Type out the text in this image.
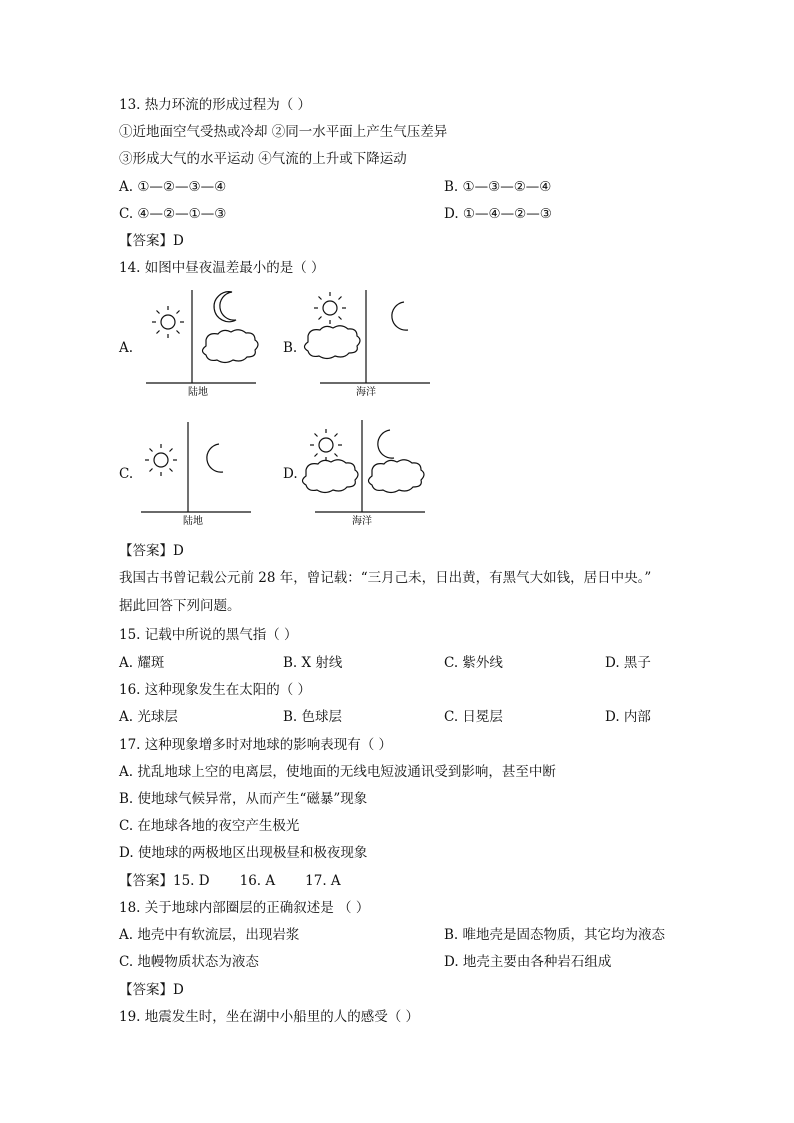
13. 热力环流的形成过程为（ ）
①近地面空气受热或冷却 ②同一水平面上产生气压差异
③形成大气的水平运动 ④气流的上升或下降运动
A. ①—②—③—④	B. ①—③—②—④
C. ④—②—①—③	D. ①—④—②—③
【答案】D
14. 如图中昼夜温差最小的是（ ）
A.	B.
C.	D.
陆地	海洋
陆地	海洋
【答案】D
我国古书曾记载公元前 28 年，曾记载：“三月己未，日出黄，有黑气大如钱，居日中央。”
据此回答下列问题。
15. 记载中所说的黑气指（ ）
A. 耀斑	B. X 射线	C. 紫外线	D. 黑子
16. 这种现象发生在太阳的（ ）
A. 光球层	B. 色球层	C. 日冕层	D. 内部
17. 这种现象增多时对地球的影响表现有（ ）
A. 扰乱地球上空的电离层，使地面的无线电短波通讯受到影响，甚至中断
B. 使地球气候异常，从而产生“磁暴”现象
C. 在地球各地的夜空产生极光
D. 使地球的两极地区出现极昼和极夜现象
【答案】15. D       16. A       17. A
18. 关于地球内部圈层的正确叙述是 （ ）
A. 地壳中有软流层，出现岩浆	B. 唯地壳是固态物质，其它均为液态
C. 地幔物质状态为液态	D. 地壳主要由各种岩石组成
【答案】D
19. 地震发生时，坐在湖中小船里的人的感受（ ）
